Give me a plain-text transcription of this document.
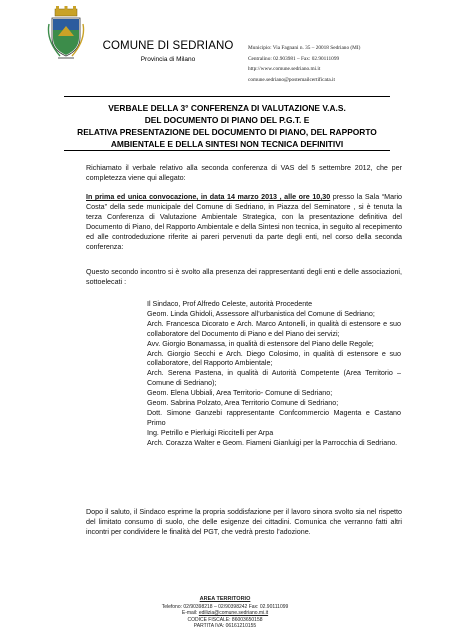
COMUNE DI SEDRIANO
Provincia di Milano
Municipio: Via Fagnani n. 35 – 20018 Sedriano (MI)
Centralino: 02.903981 – Fax: 02.90111099
http://www.comune.sedriano.mi.it
comune.sedriano@postemailcertificata.it

VERBALE DELLA 3° CONFERENZA DI VALUTAZIONE V.A.S.

DEL DOCUMENTO DI PIANO DEL P.G.T. E

RELATIVA PRESENTAZIONE DEL DOCUMENTO DI PIANO, DEL RAPPORTO

AMBIENTALE E DELLA SINTESI NON TECNICA DEFINITIVI

Richiamato il verbale relativo alla seconda conferenza di VAS del 5 settembre 2012, che per completezza viene qui allegato:

In prima ed unica convocazione, in data 14 marzo 2013 , alle ore 10,30 presso la Sala “Mario Costa” della sede municipale del Comune di Sedriano, in Piazza del Seminatore , si è tenuta la terza Conferenza di Valutazione Ambientale Strategica, con la presentazione definitiva del Documento di Piano, del Rapporto Ambientale e della Sintesi non tecnica, in seguito al recepimento ed alle controdeduzione riferite ai pareri pervenuti da parte degli enti, nel corso della seconda conferenza:

Questo secondo incontro si è svolto alla presenza dei rappresentanti degli enti e delle associazioni, sottoelecati :

Il Sindaco, Prof Alfredo Celeste, autorità Procedente
Geom. Linda Ghidoli, Assessore all’urbanistica del Comune di Sedriano;
Arch. Francesca Dicorato e Arch. Marco Antonelli, in qualità di estensore e suo collaboratore del Documento di Piano e del Piano dei servizi;
Avv. Giorgio Bonamassa, in qualità di estensore del Piano delle Regole;
Arch. Giorgio Secchi e Arch. Diego Colosimo, in qualità di estensore e suo collaboratore, del Rapporto Ambientale;
Arch. Serena Pastena, in qualità di Autorità Competente (Area Territorio – Comune di Sedriano);
Geom. Elena Ubbiali, Area Territorio- Comune di Sedriano;
Geom. Sabrina Polzato, Area Territorio Comune di Sedriano;
Dott. Simone Ganzebi rappresentante Confcommercio Magenta e Castano Primo
Ing. Petrillo e Pierluigi Riccitelli per Arpa
Arch. Corazza Walter e Geom. Fiameni Gianluigi per la Parrocchia di Sedriano.

Dopo il saluto, il Sindaco esprime la propria soddisfazione per il lavoro sinora svolto sia nel rispetto del limitato consumo di suolo, che delle esigenze dei cittadini. Comunica che verranno fatti altri incontri per condividere le finalità del PGT, che vedrà presto l’adozione.

AREA TERRITORIO
Telefono: 02/90398218 – 02/90398242 Fax: 02.90111099
E-mail: edilizia@comune.sedriano.mi.it
CODICE FISCALE: 86003650158
PARTITA IVA: 06161210155
